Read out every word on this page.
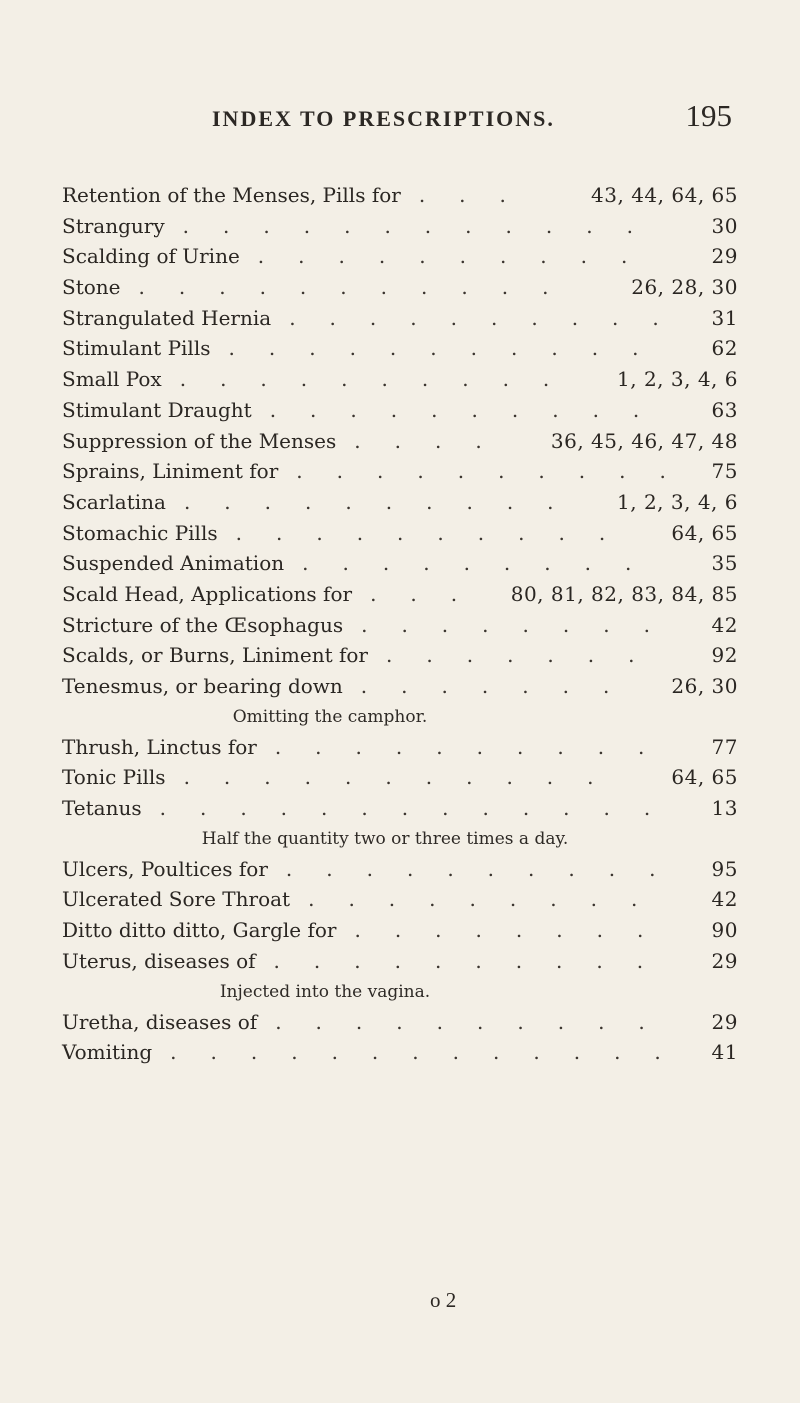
INDEX TO PRESCRIPTIONS.	195
.   .   .
Retention of the Menses, Pills for	43, 44, 64, 65
.   .   .   .   .   .   .   .   .   .   .   .
Strangury	30
.   .   .   .   .   .   .   .   .   .
Scalding of Urine	29
.   .   .   .   .   .   .   .   .   .   .
Stone	26, 28, 30
.   .   .   .   .   .   .   .   .   .
Strangulated Hernia	31
.   .   .   .   .   .   .   .   .   .   .
Stimulant Pills	62
.   .   .   .   .   .   .   .   .   .
Small Pox	1, 2, 3, 4, 6
.   .   .   .   .   .   .   .   .   .
Stimulant Draught	63
.   .   .   .
Suppression of the Menses	36, 45, 46, 47, 48
.   .   .   .   .   .   .   .   .   .
Sprains, Liniment for	75
.   .   .   .   .   .   .   .   .   .
Scarlatina	1, 2, 3, 4, 6
.   .   .   .   .   .   .   .   .   .
Stomachic Pills	64, 65
.   .   .   .   .   .   .   .   .
Suspended Animation	35
.   .   .
Scald Head, Applications for	80, 81, 82, 83, 84, 85
.   .   .   .   .   .   .   .
Stricture of the Œsophagus	42
.   .   .   .   .   .   .
Scalds, or Burns, Liniment for	92
.   .   .   .   .   .   .
Tenesmus, or bearing down	26, 30
Omitting the camphor.
.   .   .   .   .   .   .   .   .   .
Thrush, Linctus for	77
.   .   .   .   .   .   .   .   .   .   .
Tonic Pills	64, 65
.   .   .   .   .   .   .   .   .   .   .   .   .
Tetanus	13
Half the quantity two or three times a day.
.   .   .   .   .   .   .   .   .   .
Ulcers, Poultices for	95
.   .   .   .   .   .   .   .   .
Ulcerated Sore Throat	42
.   .   .   .   .   .   .   .
Ditto ditto ditto, Gargle for	90
.   .   .   .   .   .   .   .   .   .
Uterus, diseases of	29
Injected into the vagina.
.   .   .   .   .   .   .   .   .   .
Uretha, diseases of	29
.   .   .   .   .   .   .   .   .   .   .   .   .
Vomiting	41
o 2
